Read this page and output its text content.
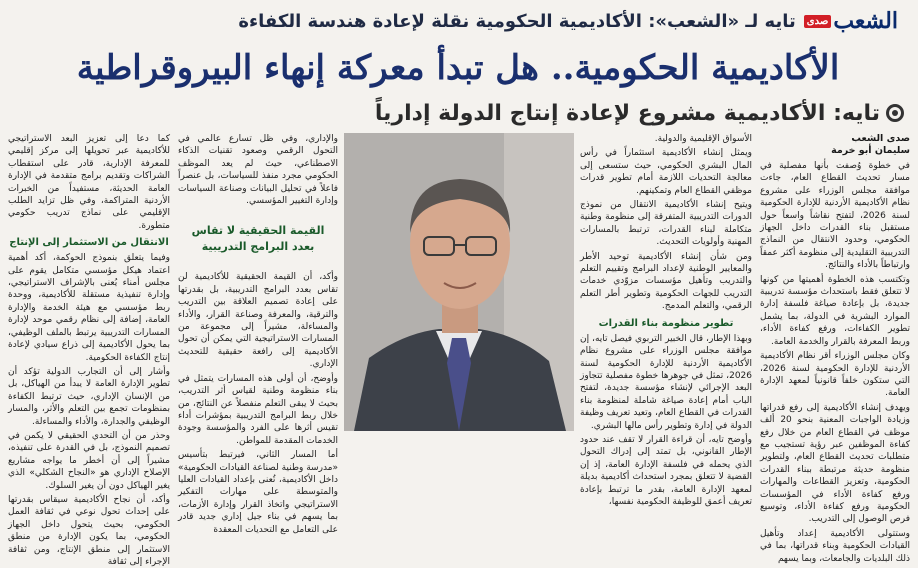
الشعب
صدى
تايه لـ «الشعب»: الأكاديمية الحكومية نقلة لإعادة هندسة الكفاءة
الأكاديمية الحكومية.. هل تبدأ معركة إنهاء البيروقراطية
تايه: الأكاديمية مشروع لإعادة إنتاج الدولة إدارياً
صدى الشعب
سليمان أبو خرمة

في خطوة وُصفت بأنها مفصلية في مسار تحديث القطاع العام، جاءت موافقة مجلس الوزراء على مشروع نظام الأكاديمية الأردنية للإدارة الحكومية لسنة 2026، لتفتح نقاشاً واسعاً حول مستقبل بناء القدرات داخل الجهاز الحكومي، وحدود الانتقال من النماذج التدريبية التقليدية إلى منظومة أكثر عمقاً وارتباطاً بالأداء والنتائج.

وتكتسب هذه الخطوة أهميتها من كونها لا تتعلق فقط باستحداث مؤسسة تدريبية جديدة، بل بإعادة صياغة فلسفة إدارة الموارد البشرية في الدولة، بما يشمل تطوير الكفاءات، ورفع كفاءة الأداء، وربط المعرفة بالقرار والخدمة العامة.

وكان مجلس الوزراء أقر نظام الأكاديمية الأردنية للإدارة الحكومية لسنة 2026، التي ستكون خلفاً قانونياً لمعهد الإدارة العامة.

ويهدف إنشاء الأكاديمية إلى رفع قدراتها وزيادة الواجبات المعنية بنحو 20 ألف موظف في القطاع العام من خلال رفع كفاءة الموظفين عبر رؤية تستجيب مع متطلبات تحديث القطاع العام، ولتطوير منظومة حديثة مرتبطة ببناء القدرات الحكومية، وتعزيز القطاعات والمهارات ورفع كفاءة الأداء في المؤسسات الحكومية ورفع كفاءة الأداء، وتوسيع فرص الوصول إلى التدريب.

وستتولى الأكاديمية إعداد وتأهيل القيادات الحكومية وبناء قدراتها، بما في ذلك البلديات والجامعات، وبما يسهم

الأسواق الإقليمية والدولية.

ويمثل إنشاء الأكاديمية استثماراً في رأس المال البشري الحكومي، حيث ستسعى إلى معالجة التحديات اللازمة أمام تطوير قدرات موظفي القطاع العام وتمكينهم.

ويتيح إنشاء الأكاديمية الانتقال من نموذج الدورات التدريبية المتفرقة إلى منظومة وطنية متكاملة لبناء القدرات، ترتبط بالمسارات المهنية وأولويات التحديث.

ومن شأن إنشاء الأكاديمية توحيد الأطر والمعايير الوطنية لإعداد البرامج وتقييم التعلم والتدريب وتأهيل مؤسسات مزوّدي خدمات التدريب للجهات الحكومية وتطوير أطر التعلم الرقمي، والتعلم المدمج.

تطوير منظومة بناء القدرات

وبهذا الإطار، قال الخبير التربوي فيصل تايه، إن موافقة مجلس الوزراء على مشروع نظام الأكاديمية الأردنية للإدارة الحكومية لسنة 2026، تمثل في جوهرها خطوة مفصلية تتجاوز البعد الإجرائي لإنشاء مؤسسة جديدة، لتفتح الباب أمام إعادة صياغة شاملة لمنظومة بناء القدرات في القطاع العام، وتعيد تعريف وظيفة الدولة في إدارة وتطوير رأس مالها البشري.

وأوضح تايه، أن قراءة القرار لا تقف عند حدود الإطار القانوني، بل تمتد إلى إدراك التحول الذي يحمله في فلسفة الإدارة العامة، إذ إن القضية لا تتعلق بمجرد استحداث أكاديمية بديلة لمعهد الإدارة العامة، بقدر ما ترتبط بإعادة تعريف أعمق للوظيفة الحكومية نفسها،

والإداري، وفي ظل تسارع عالمي في التحول الرقمي وصعود تقنيات الذكاء الاصطناعي، حيث لم يعد الموظف الحكومي مجرد منفذ للسياسات، بل عنصراً فاعلاً في تحليل البيانات وصناعة السياسات وإدارة التغيير المؤسسي.

القيمة الحقيقية لا تقاس بعدد البرامج التدريبية

وأكد، أن القيمة الحقيقية للأكاديمية لن تقاس بعدد البرامج التدريبية، بل بقدرتها على إعادة تصميم العلاقة بين التدريب والترقية، والمعرفة وصناعة القرار، والأداء والمساءلة، مشيراً إلى مجموعة من المسارات الاستراتيجية التي يمكن أن تحول الأكاديمية إلى رافعة حقيقية للتحديث الإداري.

وأوضح، أن أولى هذه المسارات يتمثل في بناء منظومة وطنية لقياس أثر التدريب، بحيث لا يبقى التعلم منفصلاً عن النتائج، من خلال ربط البرامج التدريبية بمؤشرات أداء تقيس أثرها على الفرد والمؤسسة وجودة الخدمات المقدمة للمواطن.

أما المسار الثاني، فيرتبط بتأسيس «مدرسة وطنية لصناعة القيادات الحكومية» داخل الأكاديمية، تُعنى بإعداد القيادات العليا والمتوسطة على مهارات التفكير الاستراتيجي واتخاذ القرار وإدارة الأزمات، بما يسهم في بناء جيل إداري جديد قادر على التعامل مع التحديات المعقدة

كما دعا إلى تعزيز البعد الاستراتيجي للأكاديمية عبر تحويلها إلى مركز إقليمي للمعرفة الإدارية، قادر على استقطاب الشراكات وتقديم برامج متقدمة في الإدارة العامة الحديثة، مستفيداً من الخبرات الأردنية المتراكمة، وفي ظل تزايد الطلب الإقليمي على نماذج تدريب حكومي متطورة.

الانتقال من الاستثمار إلى الإنتاج

وفيما يتعلق بنموذج الحوكمة، أكد أهمية اعتماد هيكل مؤسسي متكامل يقوم على مجلس أمناء يُعنى بالإشراف الاستراتيجي، وإدارة تنفيذية مستقلة للأكاديمية، ووحدة ربط مؤسسي مع هيئة الخدمة والإدارة العامة، إضافة إلى نظام رقمي موحد لإدارة المسارات التدريبية يرتبط بالملف الوظيفي، بما يحول الأكاديمية إلى ذراع سيادي لإعادة إنتاج الكفاءة الحكومية.

وأشار إلى أن التجارب الدولية تؤكد أن تطوير الإدارة العامة لا يبدأ من الهياكل، بل من الإنسان الإداري، حيث ترتبط الكفاءة بمنظومات تجمع بين التعلم والأثر، والمسار الوظيفي والجدارة، والأداء والمساءلة.

وحذر من أن التحدي الحقيقي لا يكمن في تصميم النموذج، بل في القدرة على تنفيذه، مشيراً إلى أن أخطر ما يواجه مشاريع الإصلاح الإداري هو «النجاح الشكلي» الذي يغير الهياكل دون أن يغير السلوك.

وأكد، أن نجاح الأكاديمية سيقاس بقدرتها على إحداث تحول نوعي في ثقافة العمل الحكومي، بحيث يتحول داخل الجهاز الحكومي، بما يكون الإدارة من منطق الاستثمار إلى منطق الإنتاج، ومن ثقافة الإجراء إلى ثقافة
